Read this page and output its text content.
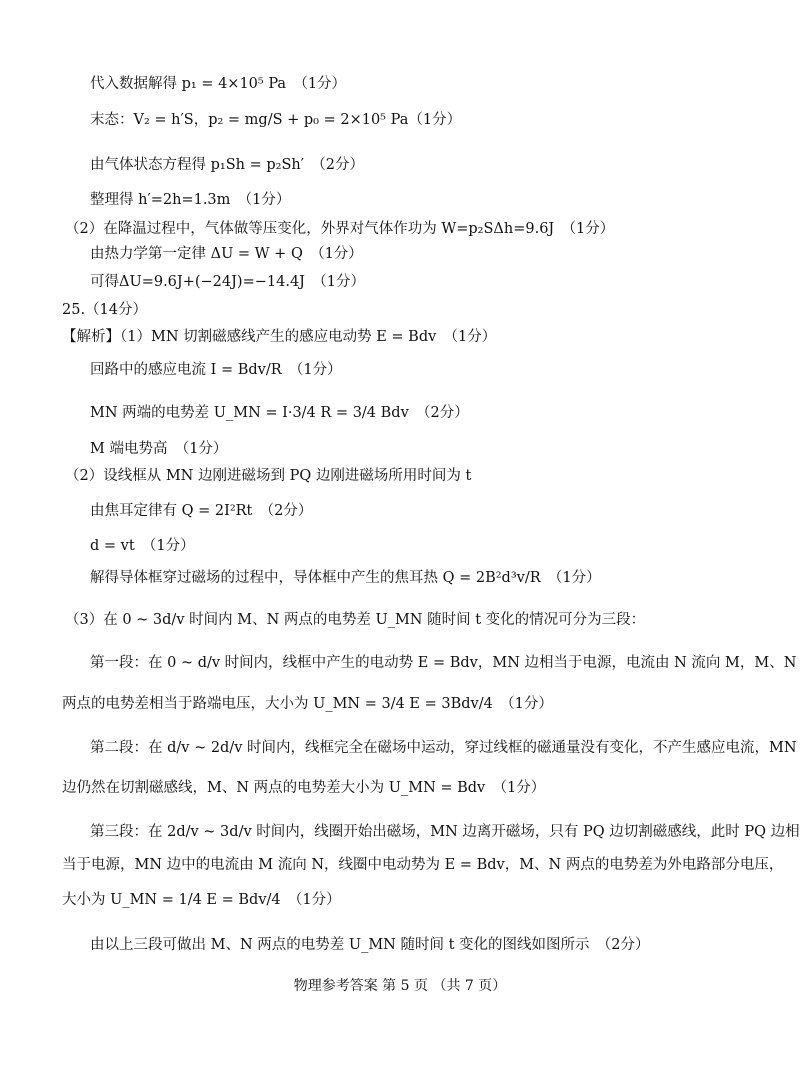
代入数据解得 p₁ = 4×10⁵ Pa　（1分）
末态：V₂ = h′S，p₂ = mg/S + p₀ = 2×10⁵ Pa（1分）
由气体状态方程得 p₁Sh = p₂Sh′　（2分）
整理得 h′=2h=1.3m　（1分）
（2）在降温过程中，气体做等压变化，外界对气体作功为 W=p₂SΔh=9.6J　（1分）
由热力学第一定律 ΔU = W + Q　（1分）
可得ΔU=9.6J+(−24J)=−14.4J　（1分）
25.（14分）
【解析】（1）MN 切割磁感线产生的感应电动势 E = Bdv　（1分）
回路中的感应电流 I = Bdv/R　（1分）
MN 两端的电势差 U_MN = I·3/4 R = 3/4 Bdv　（2分）
M 端电势高　（1分）
（2）设线框从 MN 边刚进磁场到 PQ 边刚进磁场所用时间为 t
由焦耳定律有 Q = 2I²Rt　（2分）
d = vt　（1分）
解得导体框穿过磁场的过程中，导体框中产生的焦耳热 Q = 2B²d³v/R　（1分）
（3）在 0 ~ 3d/v 时间内 M、N 两点的电势差 U_MN 随时间 t 变化的情况可分为三段：
第一段：在 0 ~ d/v 时间内，线框中产生的电动势 E = Bdv，MN 边相当于电源，电流由 N 流向 M，M、N
两点的电势差相当于路端电压，大小为 U_MN = 3/4 E = 3Bdv/4　（1分）
第二段：在 d/v ~ 2d/v 时间内，线框完全在磁场中运动，穿过线框的磁通量没有变化，不产生感应电流，MN
边仍然在切割磁感线，M、N 两点的电势差大小为 U_MN = Bdv　（1分）
第三段：在 2d/v ~ 3d/v 时间内，线圈开始出磁场，MN 边离开磁场，只有 PQ 边切割磁感线，此时 PQ 边相
当于电源，MN 边中的电流由 M 流向 N，线圈中电动势为 E = Bdv，M、N 两点的电势差为外电路部分电压，
大小为 U_MN = 1/4 E = Bdv/4　（1分）
由以上三段可做出 M、N 两点的电势差 U_MN 随时间 t 变化的图线如图所示　（2分）
物理参考答案 第 5 页 （共 7 页）
